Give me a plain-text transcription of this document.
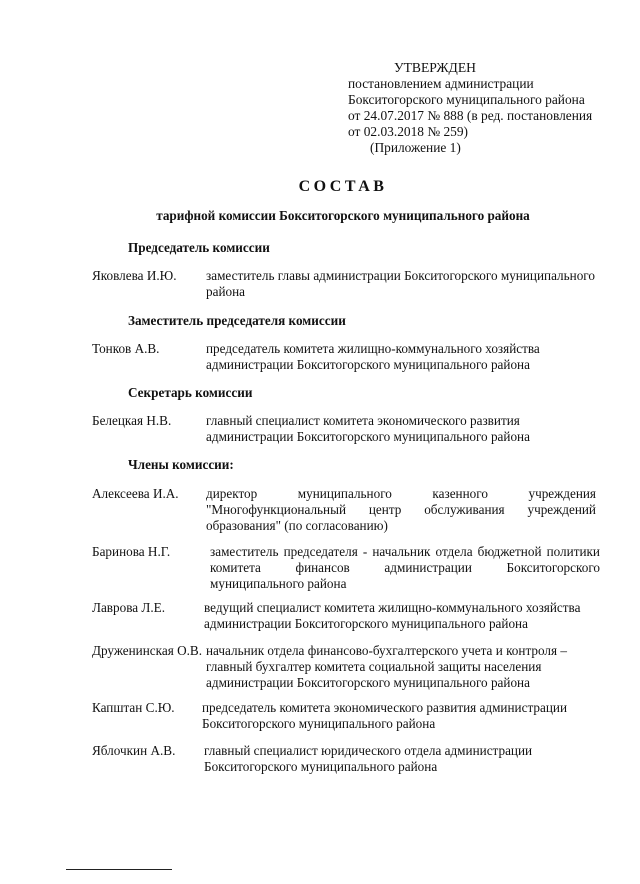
УТВЕРЖДЕН
постановлением администрации
Бокситогорского муниципального района
от 24.07.2017 № 888 (в ред. постановления
от 02.03.2018 № 259)
(Приложение 1)
СОСТАВ
тарифной комиссии Бокситогорского муниципального района
Председатель комиссии
Яковлева И.Ю. заместитель главы администрации Бокситогорского муниципального района
Заместитель председателя комиссии
Тонков А.В.	председатель комитета жилищно-коммунального хозяйства администрации Бокситогорского муниципального района
Секретарь комиссии
Белецкая Н.В.	главный специалист комитета экономического развития администрации Бокситогорского муниципального района
Члены комиссии:
Алексеева И.А. директор муниципального казенного учреждения "Многофункциональный центр обслуживания учреждений образования" (по согласованию)
Баринова Н.Г.	заместитель председателя - начальник отдела бюджетной политики комитета финансов администрации Бокситогорского муниципального района
Лаврова Л.Е.	ведущий специалист комитета жилищно-коммунального хозяйства администрации Бокситогорского муниципального района
Друженинская О.В. начальник отдела финансово-бухгалтерского учета и контроля – главный бухгалтер комитета социальной защиты населения администрации Бокситогорского муниципального района
Капштан С.Ю. председатель комитета экономического развития администрации Бокситогорского муниципального района
Яблочкин А.В. главный специалист юридического отдела администрации Бокситогорского муниципального района
